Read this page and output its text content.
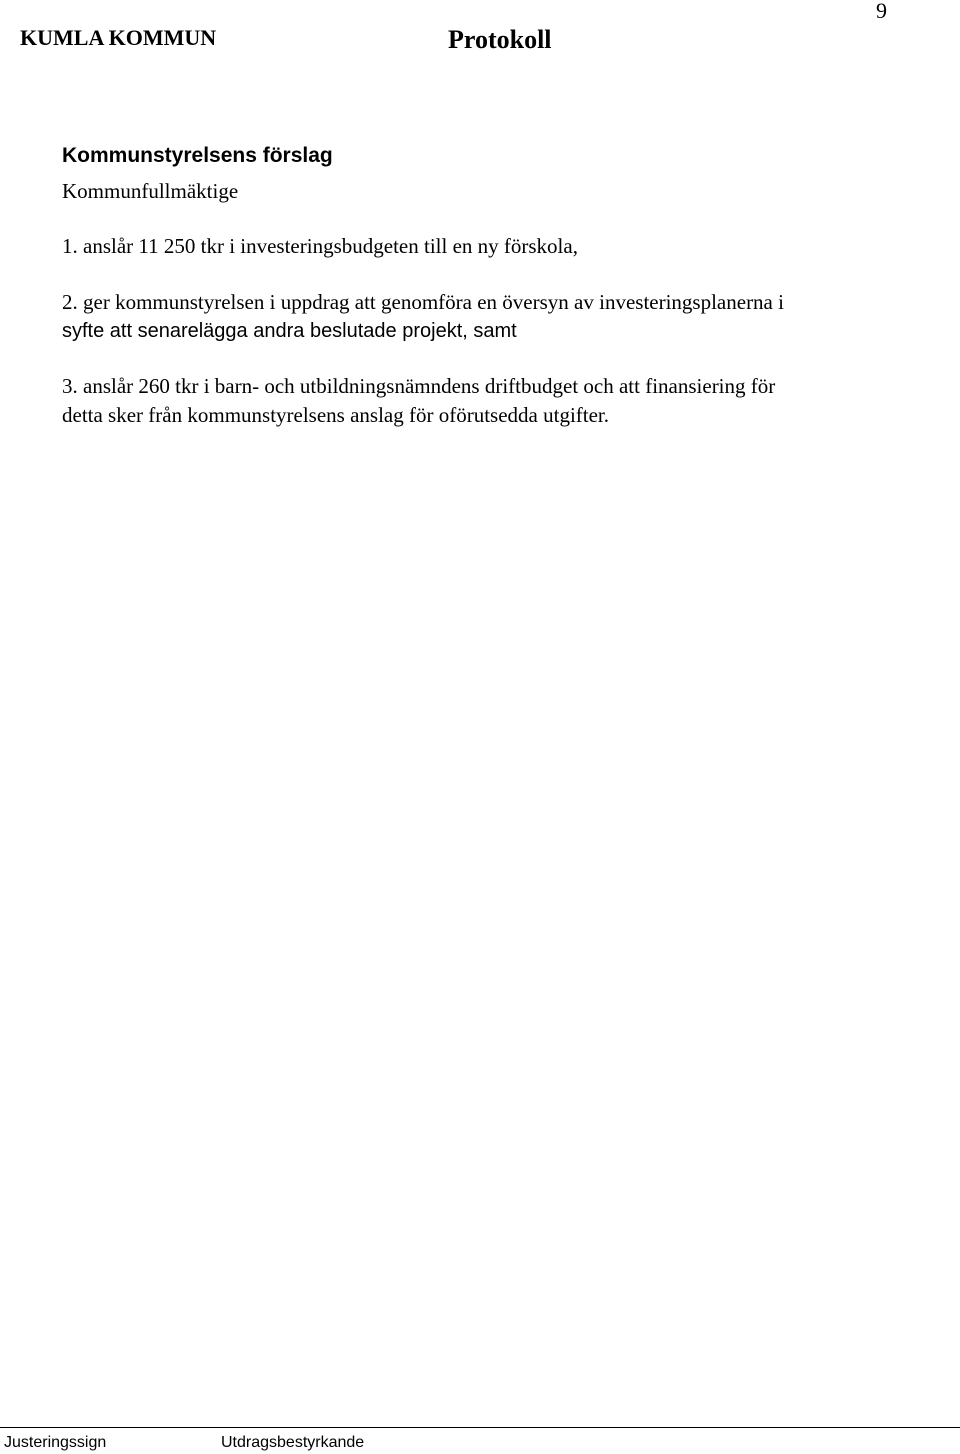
KUMLA KOMMUN	Protokoll
9
Kommunstyrelsens förslag
Kommunfullmäktige
1. anslår 11 250 tkr i investeringsbudgeten till en ny förskola,
2. ger kommunstyrelsen i uppdrag att genomföra en översyn av investeringsplanerna i
syfte att senarelägga andra beslutade projekt, samt
3. anslår 260 tkr i barn- och utbildningsnämndens driftbudget och att finansiering för
detta sker från kommunstyrelsens anslag för oförutsedda utgifter.
Justeringssign	Utdragsbestyrkande
